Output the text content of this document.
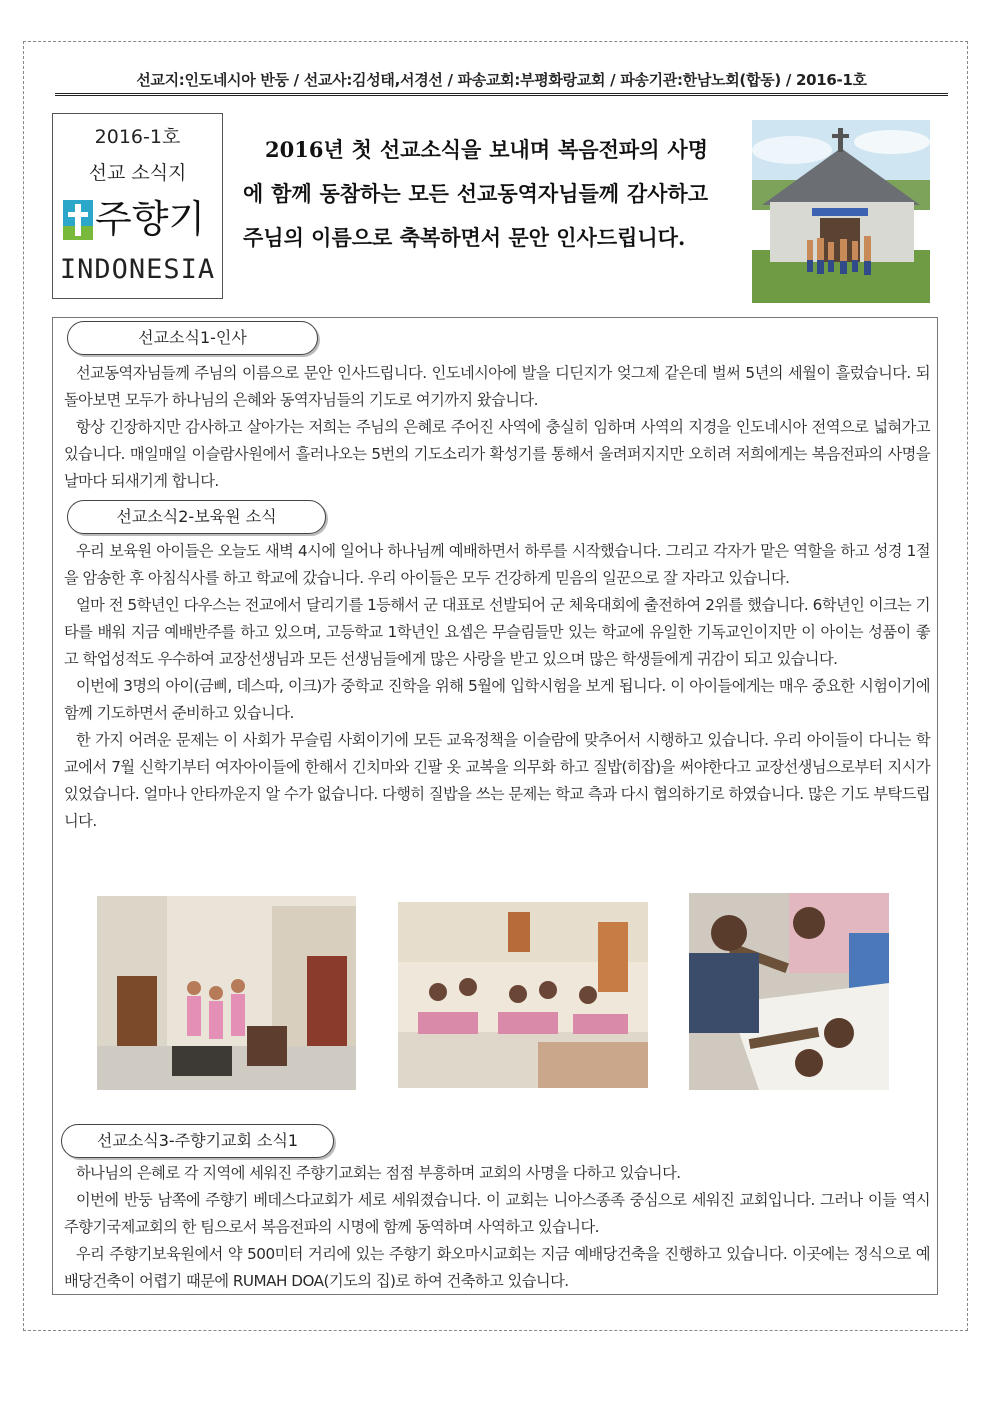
선교지:인도네시아 반둥 / 선교사:김성태,서경선 / 파송교회:부평화랑교회 / 파송기관:한남노회(합동) / 2016-1호
2016-1호
선교 소식지
주향기
INDONESIA
2016년 첫 선교소식을 보내며 복음전파의 사명에 함께 동참하는 모든 선교동역자님들께 감사하고 주님의 이름으로 축복하면서 문안 인사드립니다.
선교소식1-인사

선교동역자님들께 주님의 이름으로 문안 인사드립니다. 인도네시아에 발을 디딘지가 엊그제 같은데 벌써 5년의 세월이 흘렀습니다. 되돌아보면 모두가 하나님의 은혜와 동역자님들의 기도로 여기까지 왔습니다.

항상 긴장하지만 감사하고 살아가는 저희는 주님의 은혜로 주어진 사역에 충실히 임하며 사역의 지경을 인도네시아 전역으로 넓혀가고 있습니다. 매일매일 이슬람사원에서 흘러나오는 5번의 기도소리가 확성기를 통해서 울려퍼지지만 오히려 저희에게는 복음전파의 사명을 날마다 되새기게 합니다.

선교소식2-보육원 소식

우리 보육원 아이들은 오늘도 새벽 4시에 일어나 하나님께 예배하면서 하루를 시작했습니다. 그리고 각자가 맡은 역할을 하고 성경 1절을 암송한 후 아침식사를 하고 학교에 갔습니다. 우리 아이들은 모두 건강하게 믿음의 일꾼으로 잘 자라고 있습니다.

얼마 전 5학년인 다우스는 전교에서 달리기를 1등해서 군 대표로 선발되어 군 체육대회에 출전하여 2위를 했습니다. 6학년인 이크는 기타를 배워 지금 예배반주를 하고 있으며, 고등학교 1학년인 요셉은 무슬림들만 있는 학교에 유일한 기독교인이지만 이 아이는 성품이 좋고 학업성적도 우수하여 교장선생님과 모든 선생님들에게 많은 사랑을 받고 있으며 많은 학생들에게 귀감이 되고 있습니다.

이번에 3명의 아이(금삐, 데스따, 이크)가 중학교 진학을 위해 5월에 입학시험을 보게 됩니다. 이 아이들에게는 매우 중요한 시험이기에 함께 기도하면서 준비하고 있습니다.

한 가지 어려운 문제는 이 사회가 무슬림 사회이기에 모든 교육정책을 이슬람에 맞추어서 시행하고 있습니다. 우리 아이들이 다니는 학교에서 7월 신학기부터 여자아이들에 한해서 긴치마와 긴팔 옷 교복을 의무화 하고 질밥(히잡)을 써야한다고 교장선생님으로부터 지시가 있었습니다. 얼마나 안타까운지 알 수가 없습니다. 다행히 질밥을 쓰는 문제는 학교 측과 다시 협의하기로 하였습니다. 많은 기도 부탁드립니다.

선교소식3-주향기교회 소식1

하나님의 은혜로 각 지역에 세워진 주향기교회는 점점 부흥하며 교회의 사명을 다하고 있습니다.

이번에 반둥 남쪽에 주향기 베데스다교회가 세로 세워졌습니다. 이 교회는 니아스종족 중심으로 세워진 교회입니다. 그러나 이들 역시 주향기국제교회의 한 팀으로서 복음전파의 시명에 함께 동역하며 사역하고 있습니다.

우리 주향기보육원에서 약 500미터 거리에 있는 주향기 화오마시교회는 지금 예배당건축을 진행하고 있습니다. 이곳에는 정식으로 예배당건축이 어렵기 때문에 RUMAH DOA(기도의 집)로 하여 건축하고 있습니다.
